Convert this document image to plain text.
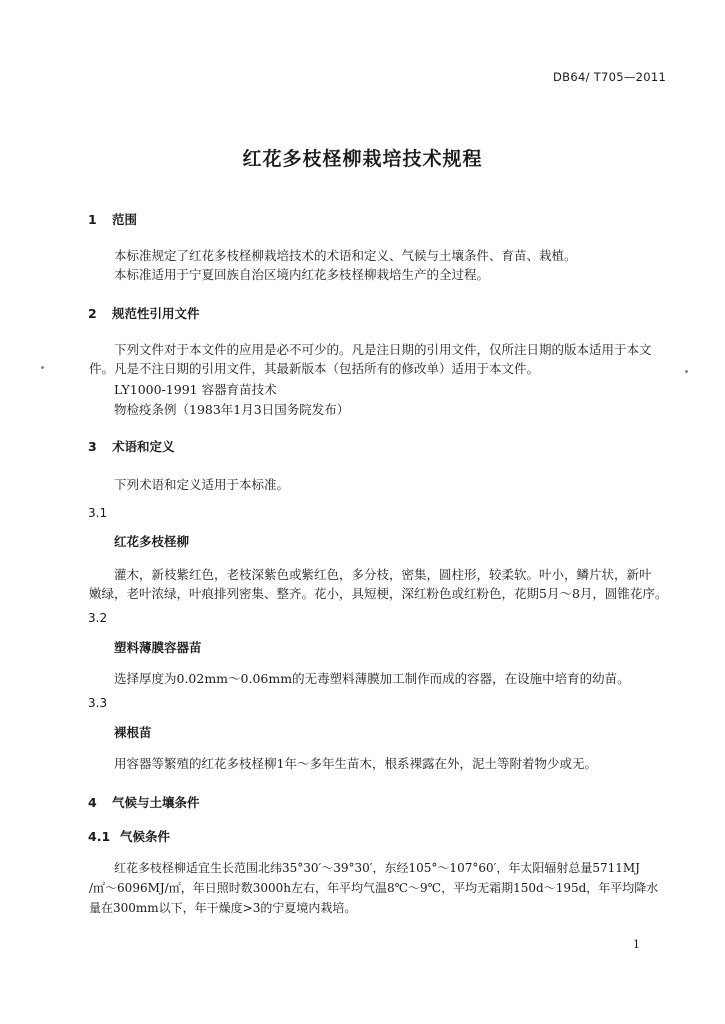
DB64/ T705—2011
红花多枝柽柳栽培技术规程
1 范围
本标准规定了红花多枝柽柳栽培技术的术语和定义、气候与土壤条件、育苗、栽植。
本标准适用于宁夏回族自治区境内红花多枝柽柳栽培生产的全过程。
2 规范性引用文件
下列文件对于本文件的应用是必不可少的。凡是注日期的引用文件，仅所注日期的版本适用于本文
件。凡是不注日期的引用文件，其最新版本（包括所有的修改单）适用于本文件。
LY1000-1991 容器育苗技术
物检疫条例（1983年1月3日国务院发布）
3 术语和定义
下列术语和定义适用于本标准。
3.1
红花多枝柽柳
灌木，新枝紫红色，老枝深紫色或紫红色，多分枝，密集，圆柱形，较柔软。叶小，鳞片状，新叶
嫩绿，老叶浓绿，叶痕排列密集、整齐。花小，具短梗，深红粉色或红粉色，花期5月～8月，圆锥花序。
3.2
塑料薄膜容器苗
选择厚度为0.02mm～0.06mm的无毒塑料薄膜加工制作而成的容器，在设施中培育的幼苗。
3.3
裸根苗
用容器等繁殖的红花多枝柽柳1年～多年生苗木，根系裸露在外，泥土等附着物少或无。
4 气候与土壤条件
4.1 气候条件
红花多枝柽柳适宜生长范围北纬35°30′～39°30′，东经105°～107°60′，年太阳辐射总量5711MJ
/㎡～6096MJ/㎡，年日照时数3000h左右，年平均气温8℃～9℃，平均无霜期150d～195d，年平均降水
量在300mm以下，年干燥度>3的宁夏境内栽培。
1
